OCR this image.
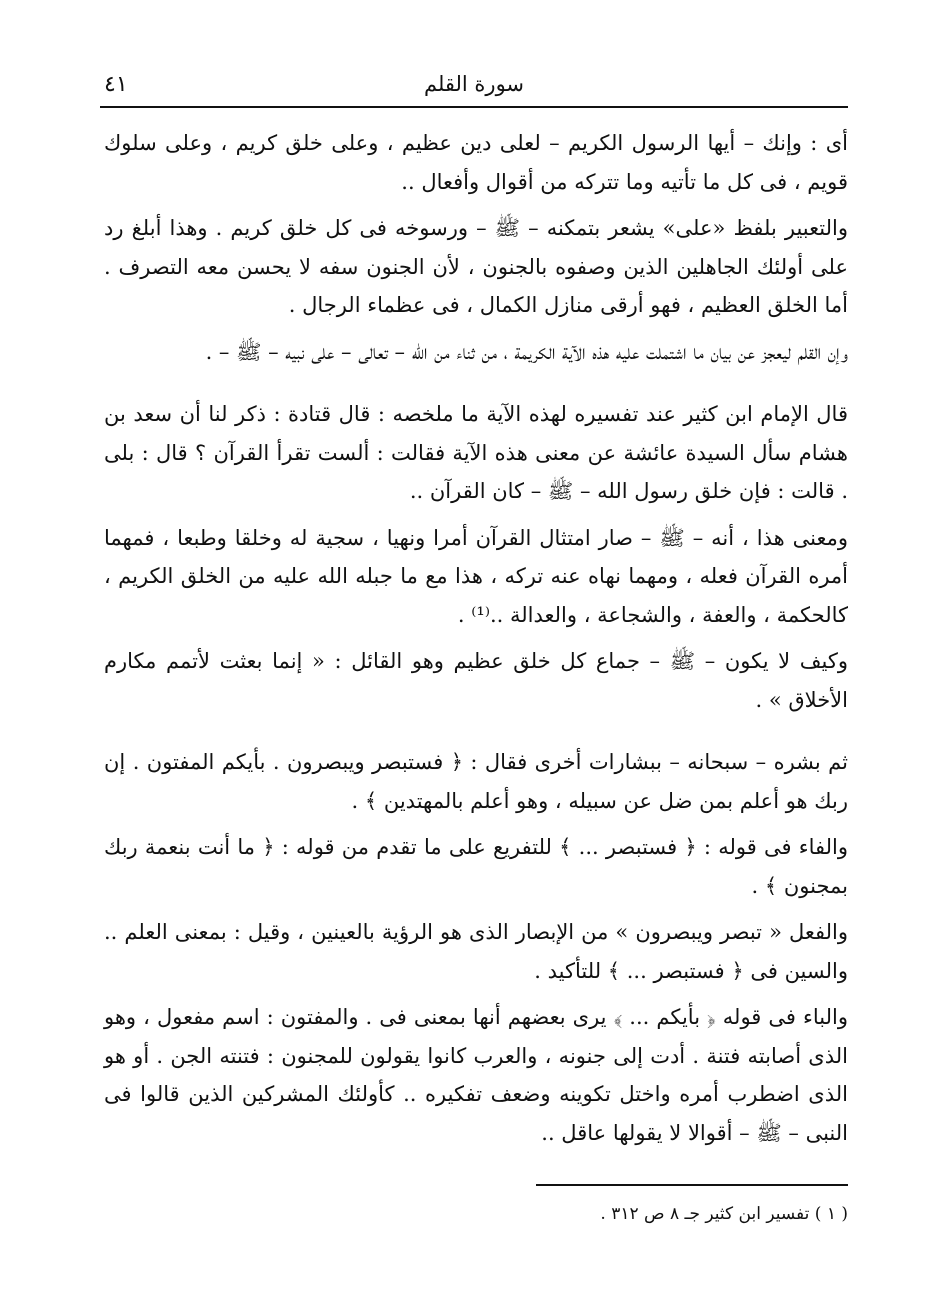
سورة القلم
٤١

أى : وإنك – أيها الرسول الكريم – لعلى دين عظيم ، وعلى خلق كريم ، وعلى سلوك قويم ، فى كل ما تأتيه وما تتركه من أقوال وأفعال ..

والتعبير بلفظ «على» يشعر بتمكنه – ﷺ – ورسوخه فى كل خلق كريم . وهذا أبلغ رد على أولئك الجاهلين الذين وصفوه بالجنون ، لأن الجنون سفه لا يحسن معه التصرف . أما الخلق العظيم ، فهو أرقى منازل الكمال ، فى عظماء الرجال .

وإن القلم ليعجز عن بيان ما اشتملت عليه هذه الآية الكريمة ، من ثناء من الله – تعالى – على نبيه – ﷺ – .

قال الإمام ابن كثير عند تفسيره لهذه الآية ما ملخصه : قال قتادة : ذكر لنا أن سعد بن هشام سأل السيدة عائشة عن معنى هذه الآية فقالت : ألست تقرأ القرآن ؟ قال : بلى . قالت : فإن خلق رسول الله – ﷺ – كان القرآن ..

ومعنى هذا ، أنه – ﷺ – صار امتثال القرآن أمرا ونهيا ، سجية له وخلقا وطبعا ، فمهما أمره القرآن فعله ، ومهما نهاه عنه تركه ، هذا مع ما جبله الله عليه من الخلق الكريم ، كالحكمة ، والعفة ، والشجاعة ، والعدالة ..⁽¹⁾ .

وكيف لا يكون – ﷺ – جماع كل خلق عظيم وهو القائل : « إنما بعثت لأتمم مكارم الأخلاق » .

ثم بشره – سبحانه – ببشارات أخرى فقال : ﴿ فستبصر ويبصرون . بأيكم المفتون . إن ربك هو أعلم بمن ضل عن سبيله ، وهو أعلم بالمهتدين ﴾ .

والفاء فى قوله : ﴿ فستبصر ... ﴾ للتفريع على ما تقدم من قوله : ﴿ ما أنت بنعمة ربك بمجنون ﴾ .

والفعل « تبصر ويبصرون » من الإبصار الذى هو الرؤية بالعينين ، وقيل : بمعنى العلم .. والسين فى ﴿ فستبصر ... ﴾ للتأكيد .

والباء فى قوله ﴿ بأيكم ... ﴾ يرى بعضهم أنها بمعنى فى . والمفتون : اسم مفعول ، وهو الذى أصابته فتنة . أدت إلى جنونه ، والعرب كانوا يقولون للمجنون : فتنته الجن . أو هو الذى اضطرب أمره واختل تكوينه وضعف تفكيره .. كأولئك المشركين الذين قالوا فى النبى – ﷺ – أقوالا لا يقولها عاقل ..

( ١ ) تفسير ابن كثير جـ ٨ ص ٣١٢ .
